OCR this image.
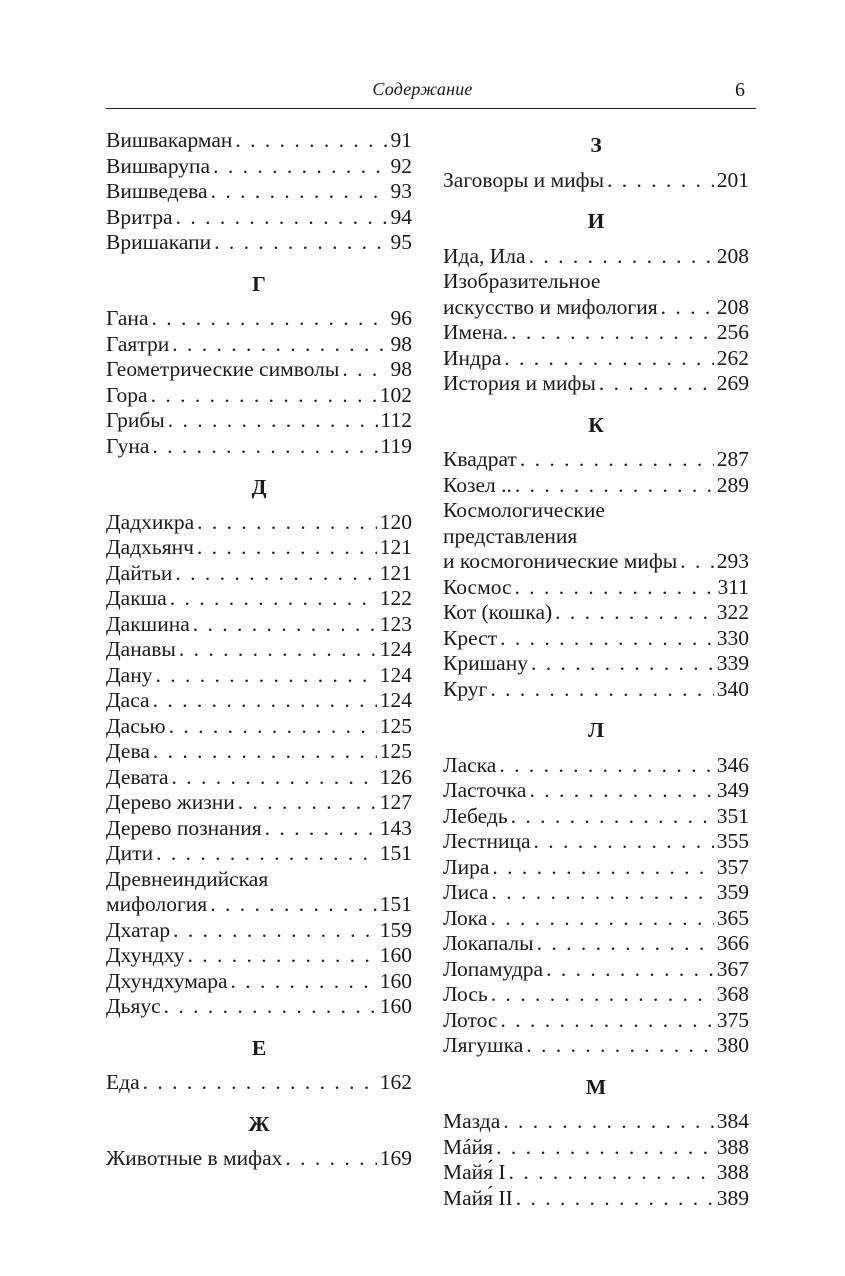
Содержание	6
Вишвакарман . . .	91
Вишварупа . . .	92
Вишведева . . .	93
Вритра . . .	94
Вришакапи . . .	95
Г
Гана . . .	96
Гаятри . . .	98
Геометрические символы . . . 98
Гора . . .	102
Грибы . . .	112
Гуна . . .	119
Д
Дадхикра . . .	120
Дадхьянч . . .	121
Дайтьи . . .	121
Дакша . . .	122
Дакшина . . .	123
Данавы . . .	124
Дану . . .	124
Даса . . .	124
Дасью . . .	125
Дева . . .	125
Девата . . .	126
Дерево жизни . . .	127
Дерево познания . . .	143
Дити . . .	151
Древнеиндийская
мифология . . .	151
Дхатар . . .	159
Дхундху . . .	160
Дхундхумара . . .	160
Дьяус . . .	160
Е
Еда . . .	162
Ж
Животные в мифах . . .	169
З
Заговоры и мифы . . .	201
И
Ида, Ила . . .	208
Изобразительное
искусство и мифология . . .	208
Имена. . . .	256
Индра . . .	262
История и мифы . . .	269
К
Квадрат . . .	287
Козел .. . . .	289
Космологические
представления
и космогонические мифы . . . 293
Космос . . .	311
Кот (кошка) . . .	322
Крест . . .	330
Кришану . . .	339
Круг . . .	340
Л
Ласка . . .	346
Ласточка . . .	349
Лебедь . . .	351
Лестница . . .	355
Лира . . .	357
Лиса . . .	359
Лока . . .	365
Локапалы . . .	366
Лопамудра . . .	367
Лось . . .	368
Лотос . . .	375
Лягушка . . .	380
М
Мазда . . .	384
Мáйя . . .	388
Майя́ I . . .	388
Майя́ II . . .	389
